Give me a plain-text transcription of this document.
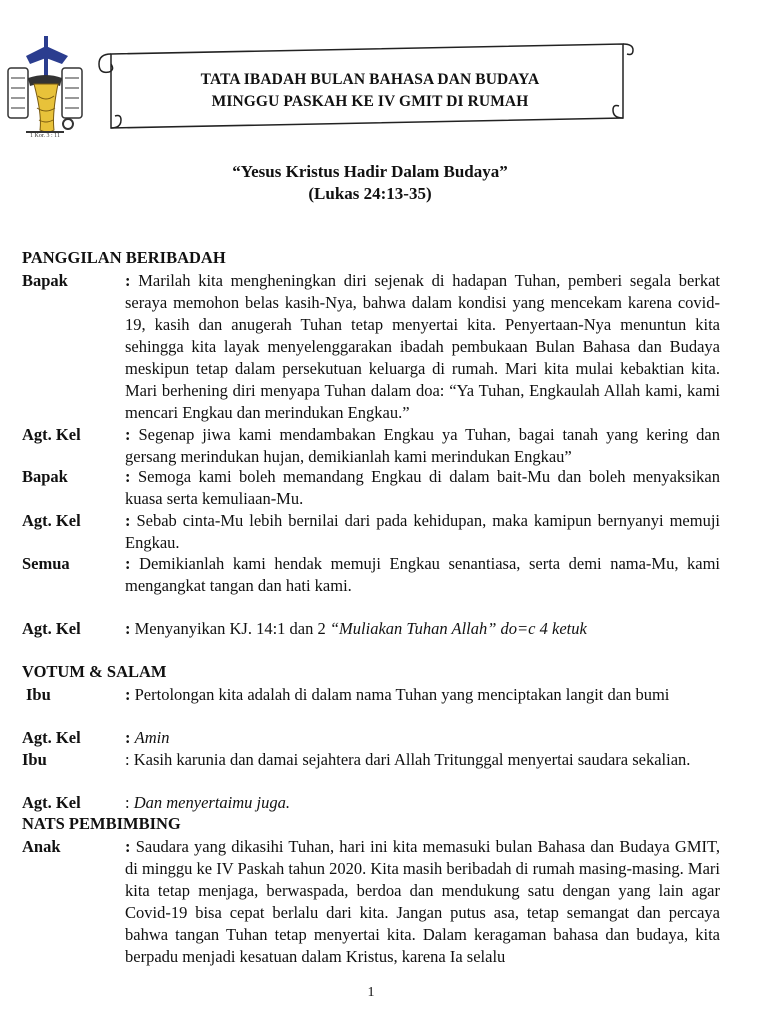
1 Kor. 3 : 11
TATA IBADAH BULAN BAHASA DAN BUDAYA
MINGGU PASKAH KE IV GMIT DI RUMAH
“Yesus Kristus Hadir Dalam Budaya”
(Lukas 24:13-35)
PANGGILAN BERIBADAH
Bapak	: Marilah kita mengheningkan diri sejenak di hadapan Tuhan, pemberi segala berkat seraya memohon belas kasih-Nya, bahwa dalam kondisi yang mencekam karena covid-19, kasih dan anugerah Tuhan tetap menyertai kita. Penyertaan-Nya menuntun kita sehingga kita layak menyelenggarakan ibadah pembukaan Bulan Bahasa dan Budaya meskipun tetap dalam persekutuan keluarga di rumah. Mari kita mulai kebaktian kita. Mari berhening diri menyapa Tuhan dalam doa: “Ya Tuhan, Engkaulah Allah kami, kami mencari Engkau dan merindukan Engkau.”
Agt. Kel	: Segenap jiwa kami mendambakan Engkau ya Tuhan, bagai tanah yang kering dan gersang merindukan hujan, demikianlah kami merindukan Engkau”
Bapak	: Semoga kami boleh memandang Engkau di dalam bait-Mu dan boleh menyaksikan kuasa serta kemuliaan-Mu.
Agt. Kel	: Sebab cinta-Mu lebih bernilai dari pada kehidupan, maka kamipun bernyanyi memuji Engkau.
Semua	: Demikianlah kami hendak memuji Engkau senantiasa, serta demi nama-Mu, kami mengangkat tangan dan hati kami.
Agt. Kel	: Menyanyikan KJ. 14:1 dan 2 “Muliakan Tuhan Allah” do=c 4 ketuk
VOTUM & SALAM
Ibu	: Pertolongan kita adalah di dalam nama Tuhan yang menciptakan langit dan bumi
Agt. Kel	: Amin
Ibu	: Kasih karunia dan damai sejahtera dari Allah Tritunggal menyertai saudara sekalian.
Agt. Kel	: Dan menyertaimu juga.
NATS PEMBIMBING
Anak	: Saudara yang dikasihi Tuhan, hari ini kita memasuki bulan Bahasa dan Budaya GMIT, di minggu ke IV Paskah tahun 2020. Kita masih beribadah di rumah masing-masing. Mari kita tetap menjaga, berwaspada, berdoa dan mendukung satu dengan yang lain agar Covid-19 bisa cepat berlalu dari kita. Jangan putus asa, tetap semangat dan percaya bahwa tangan Tuhan tetap menyertai kita. Dalam keragaman bahasa dan budaya, kita berpadu menjadi kesatuan dalam Kristus, karena Ia selalu
1
